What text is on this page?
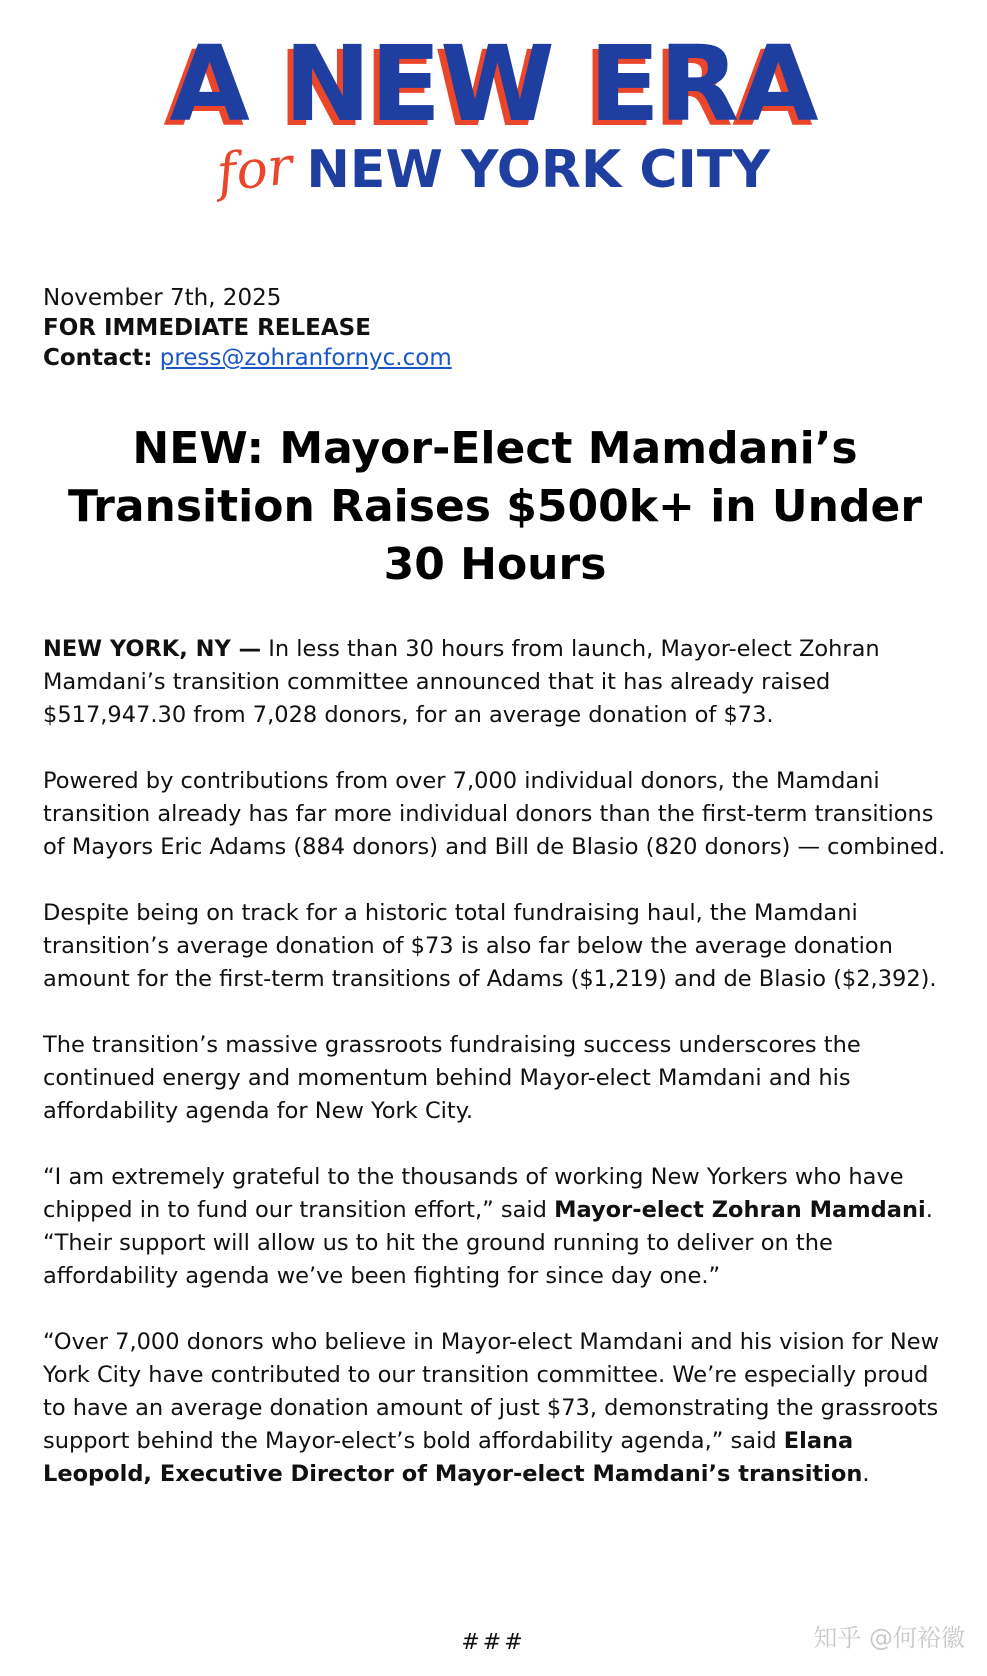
A NEW ERA
for NEW YORK CITY
November 7th, 2025
FOR IMMEDIATE RELEASE
Contact: press@zohranfornyc.com
NEW: Mayor-Elect Mamdani’s Transition Raises $500k+ in Under 30 Hours

NEW YORK, NY — In less than 30 hours from launch, Mayor-elect Zohran Mamdani’s transition committee announced that it has already raised $517,947.30 from 7,028 donors, for an average donation of $73.

Powered by contributions from over 7,000 individual donors, the Mamdani transition already has far more individual donors than the first-term transitions of Mayors Eric Adams (884 donors) and Bill de Blasio (820 donors) — combined.

Despite being on track for a historic total fundraising haul, the Mamdani transition’s average donation of $73 is also far below the average donation amount for the first-term transitions of Adams ($1,219) and de Blasio ($2,392).

The transition’s massive grassroots fundraising success underscores the continued energy and momentum behind Mayor-elect Mamdani and his affordability agenda for New York City.

“I am extremely grateful to the thousands of working New Yorkers who have chipped in to fund our transition effort,” said Mayor-elect Zohran Mamdani. “Their support will allow us to hit the ground running to deliver on the affordability agenda we’ve been fighting for since day one.”

“Over 7,000 donors who believe in Mayor-elect Mamdani and his vision for New York City have contributed to our transition committee. We’re especially proud to have an average donation amount of just $73, demonstrating the grassroots support behind the Mayor-elect’s bold affordability agenda,” said Elana Leopold, Executive Director of Mayor-elect Mamdani’s transition.

###	知乎 @何裕徽
